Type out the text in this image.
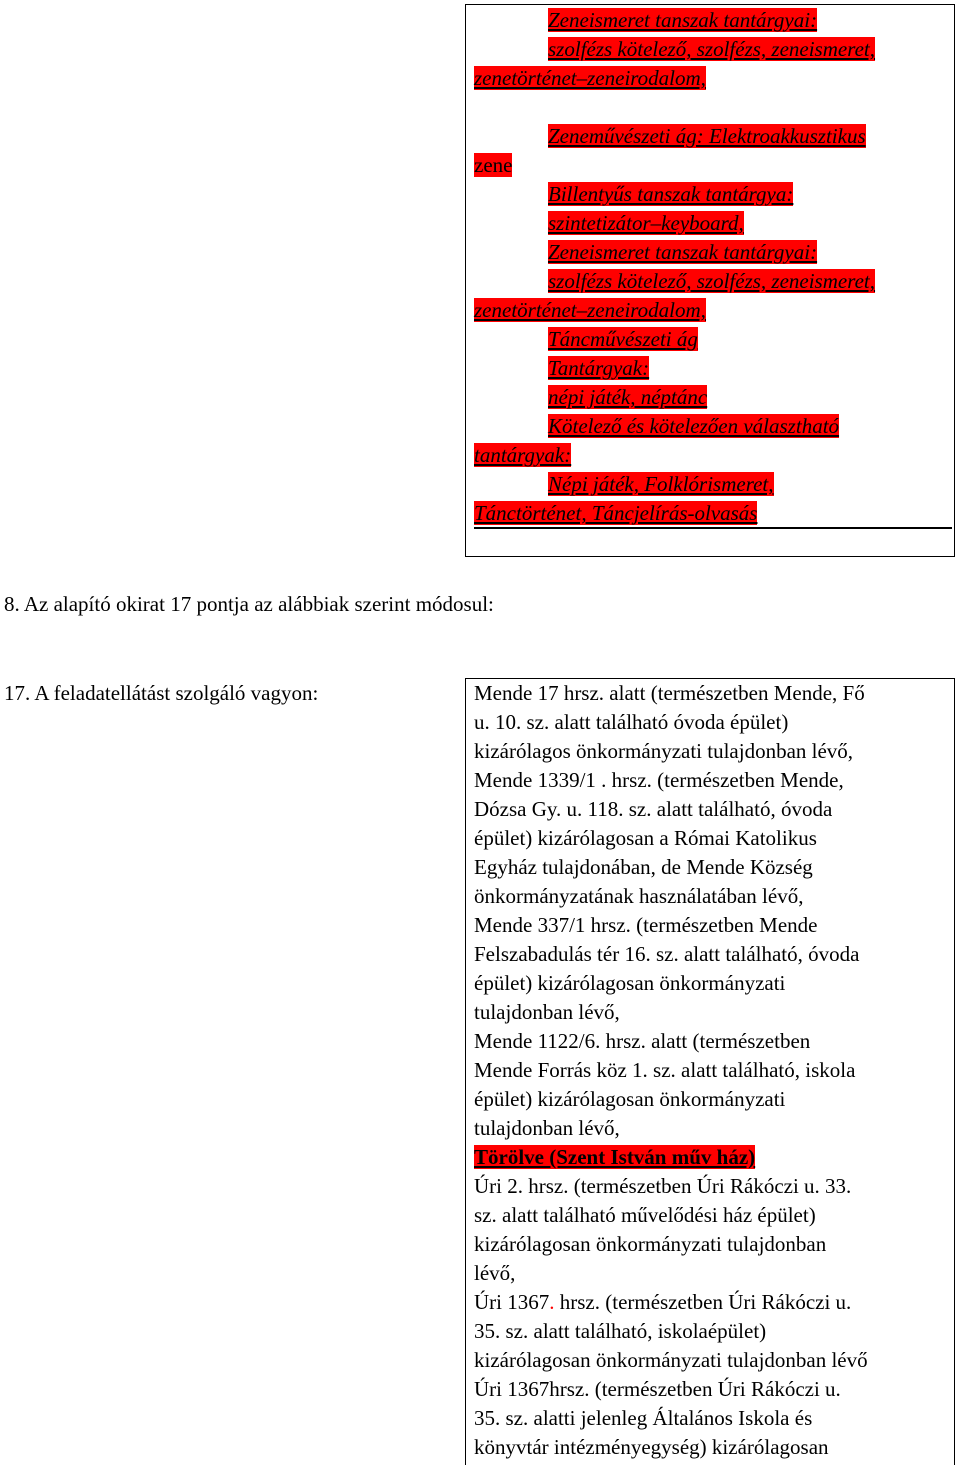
Zeneismeret tanszak tantárgyai:

szolfézs kötelező, szolfézs, zeneismeret,

zenetörténet–zeneirodalom,

Zeneművészeti ág: Elektroakkusztikus

zene

Billentyűs tanszak tantárgya:

szintetizátor–keyboard,

Zeneismeret tanszak tantárgyai:

szolfézs kötelező, szolfézs, zeneismeret,

zenetörténet–zeneirodalom,

Táncművészeti ág

Tantárgyak:

népi játék, néptánc

Kötelező és kötelezően választható

tantárgyak:

Népi játék, Folklórismeret,

Tánctörténet, Táncjelírás-olvasás

8. Az alapító okirat 17 pontja az alábbiak szerint módosul:

17. A feladatellátást szolgáló vagyon:	Mende 17 hrsz. alatt (természetben Mende, Fő

u. 10. sz. alatt található óvoda épület)

kizárólagos önkormányzati tulajdonban lévő,

Mende 1339/1 . hrsz. (természetben Mende,

Dózsa Gy. u. 118. sz. alatt található, óvoda

épület) kizárólagosan a Római Katolikus

Egyház tulajdonában, de Mende Község

önkormányzatának használatában lévő,

Mende 337/1 hrsz. (természetben Mende

Felszabadulás tér 16. sz. alatt található, óvoda

épület) kizárólagosan önkormányzati

tulajdonban lévő,

Mende 1122/6. hrsz. alatt (természetben

Mende Forrás köz 1. sz. alatt található, iskola

épület) kizárólagosan önkormányzati

tulajdonban lévő,

Törölve (Szent István műv ház)

Úri 2. hrsz. (természetben Úri Rákóczi u. 33.

sz. alatt található művelődési ház épület)

kizárólagosan önkormányzati tulajdonban

lévő,

Úri 1367. hrsz. (természetben Úri Rákóczi u.

35. sz. alatt található, iskolaépület)

kizárólagosan önkormányzati tulajdonban lévő

Úri 1367hrsz. (természetben Úri Rákóczi u.

35. sz. alatti jelenleg Általános Iskola és

könyvtár intézményegység) kizárólagosan
